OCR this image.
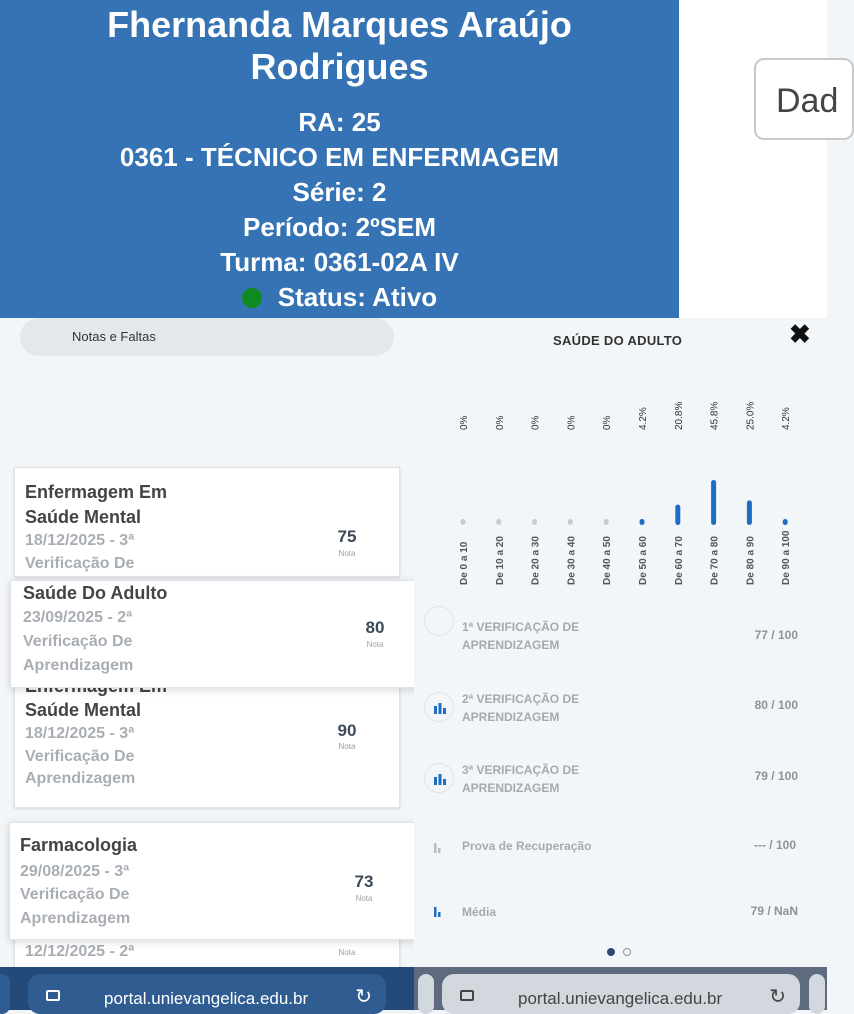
Fhernanda Marques Araújo
Rodrigues
RA: 25
0361 - TÉCNICO EM ENFERMAGEM
Série: 2
Período: 2ºSEM
Turma: 0361-02A IV
Status: Ativo
Dad
Notas e Faltas
Enfermagem Em
Saúde Mental
18/12/2025 - 3ª
Verificação De
75
Nota
Saúde Mental
18/12/2025 - 3ª
Verificação De
Aprendizagem
90
Nota
Saúde Do Adulto
23/09/2025 - 2ª
Verificação De
Aprendizagem
80
Nota
12/12/2025 - 2ª	Nota
Farmacologia
29/08/2025 - 3ª
Verificação De
Aprendizagem
73
Nota
SAÚDE DO ADULTO	✖
0%
De 0 a 10
0%
De 10 a 20
0%
De 20 a 30
0%
De 30 a 40
0%
De 40 a 50
4.2%
De 50 a 60
20.8%
De 60 a 70
45.8%
De 70 a 80
25.0%
De 80 a 90
4.2%
De 90 a 100
1ª VERIFICAÇÃO DE
APRENDIZAGEM
77 / 100
2ª VERIFICAÇÃO DE
APRENDIZAGEM
80 / 100
3ª VERIFICAÇÃO DE
APRENDIZAGEM
79 / 100
Prova de Recuperação	--- / 100
Média	79 / NaN
portal.unievangelica.edu.br ↻	portal.unievangelica.edu.br ↻
